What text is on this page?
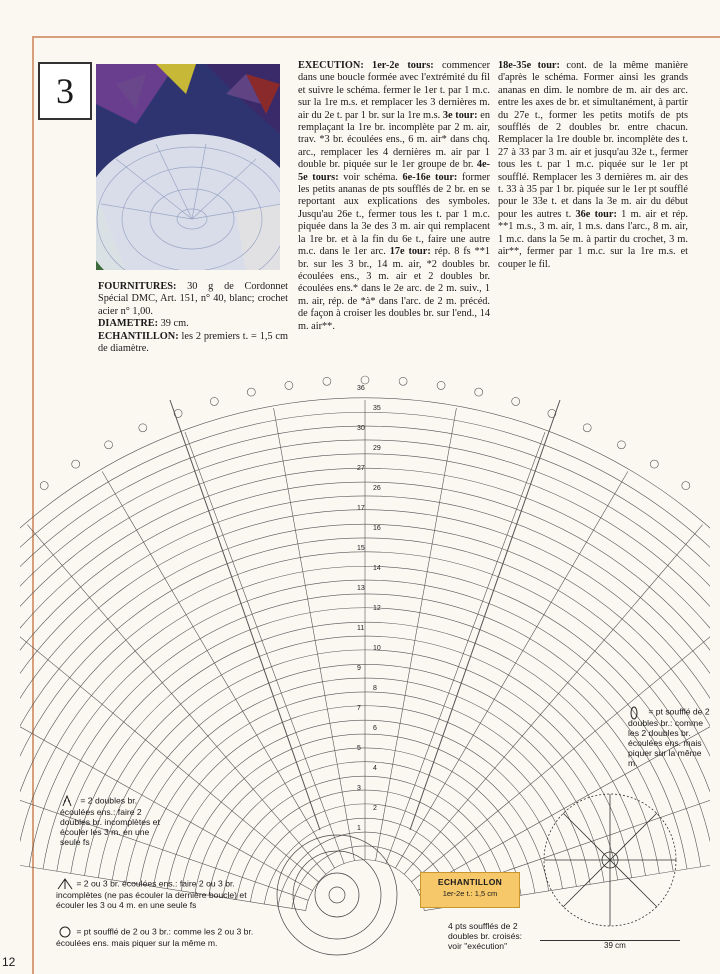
3
FOURNITURES: 30 g de Cordonnet Spécial DMC, Art. 151, n° 40, blanc; crochet acier n° 1,00.
DIAMETRE: 39 cm.
ECHANTILLON: les 2 premiers t. = 1,5 cm de diamètre.
EXECUTION: 1er-2e tours: commencer dans une boucle formée avec l'extrémité du fil et suivre le schéma. fermer le 1er t. par 1 m.c. sur la 1re m.s. et remplacer les 3 dernières m. air du 2e t. par 1 br. sur la 1re m.s. 3e tour: en remplaçant la 1re br. incomplète par 2 m. air, trav. *3 br. écoulées ens., 6 m. air* dans chq. arc., remplacer les 4 dernières m. air par 1 double br. piquée sur le 1er groupe de br. 4e-5e tours: voir schéma. 6e-16e tour: former les petits ananas de pts soufflés de 2 br. en se reportant aux explications des symboles. Jusqu'au 26e t., fermer tous les t. par 1 m.c. piquée dans la 3e des 3 m. air qui remplacent la 1re br. et à la fin du 6e t., faire une autre m.c. dans le 1er arc. 17e tour: rép. 8 fs **1 br. sur les 3 br., 14 m. air, *2 doubles br. écoulées ens., 3 m. air et 2 doubles br. écoulées ens.* dans le 2e arc. de 2 m. suiv., 1 m. air, rép. de *à* dans l'arc. de 2 m. précéd. de façon à croiser les doubles br. sur l'end., 14 m. air**.
18e-35e tour: cont. de la même manière d'après le schéma. Former ainsi les grands ananas en dim. le nombre de m. air des arc. entre les axes de br. et simultanément, à partir du 27e t., former les petits motifs de pts soufflés de 2 doubles br. entre chacun. Remplacer la 1re double br. incomplète des t. 27 à 33 par 3 m. air et jusqu'au 32e t., fermer tous les t. par 1 m.c. piquée sur le 1er pt soufflé. Remplacer les 3 dernières m. air des t. 33 à 35 par 1 br. piquée sur le 1er pt soufflé pour le 33e t. et dans la 3e m. air du début pour les autres t. 36e tour: 1 m. air et rép. **1 m.s., 3 m. air, 1 m.s. dans l'arc., 8 m. air, 1 m.c. dans la 5e m. à partir du crochet, 3 m. air**, fermer par 1 m.c. sur la 1re m.s. et couper le fil.
36
35
30
29
27
26
17
16
15
14
13
12
11
10
9
8
7
6
5
4
3
2
1
= 2 doubles br. écoulées ens.: faire 2 doubles br. incomplètes et écouler les 3 m. en une seule fs
= 2 ou 3 br. écoulées ens.: faire 2 ou 3 br. incomplètes (ne pas écouler la dernière boucle) et écouler les 3 ou 4 m. en une seule fs
= pt soufflé de 2 ou 3 br.: comme les 2 ou 3 br. écoulées ens. mais piquer sur la même m.
= pt soufflé de 2 doubles br.: comme les 2 doubles br. écoulées ens. mais piquer sur la même m.
4 pts soufflés de 2 doubles br. croisés: voir "exécution"	39 cm
ECHANTILLON
1er-2e t.: 1,5 cm
12
